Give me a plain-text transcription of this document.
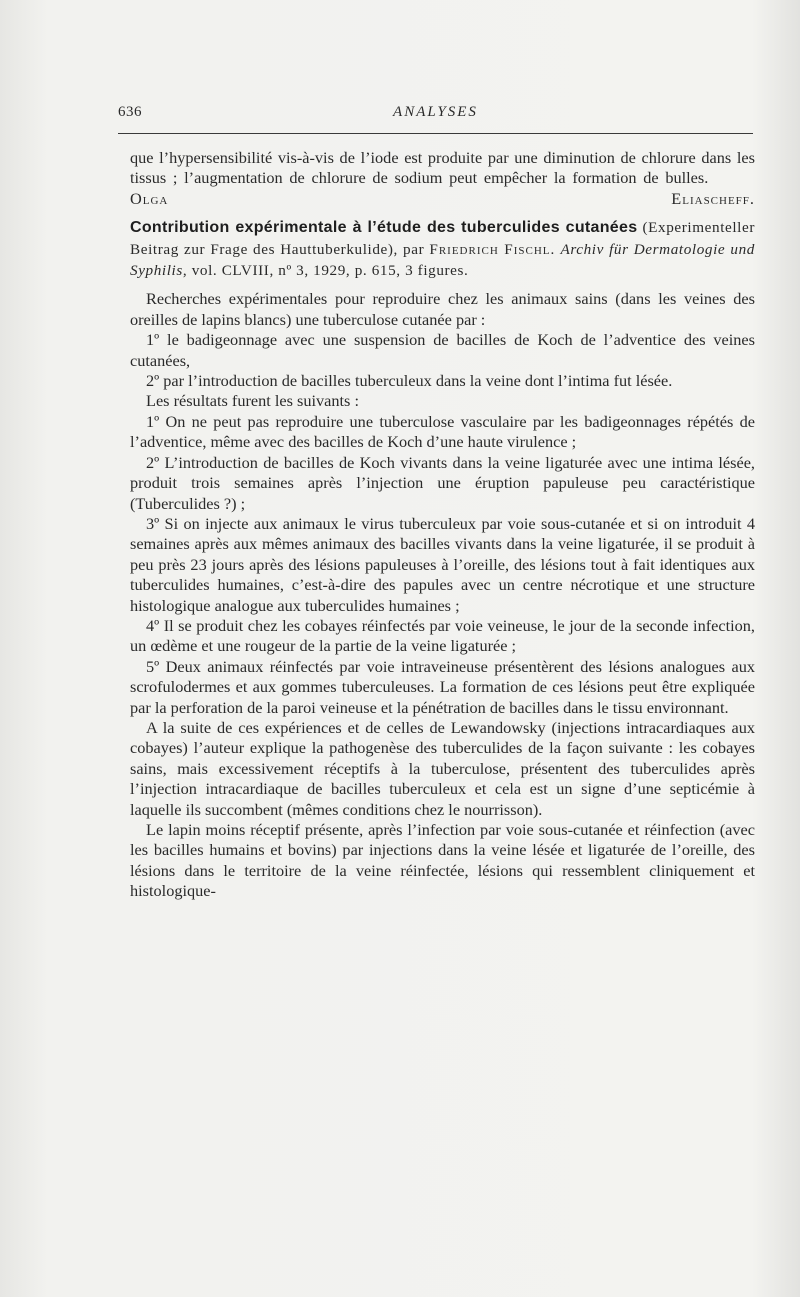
636	ANALYSES

que l’hypersensibilité vis-à-vis de l’iode est produite par une diminution de chlorure dans les tissus ; l’augmentation de chlorure de sodium peut empêcher la formation de bulles.  Olga Eliascheff.

Contribution expérimentale à l’étude des tuberculides cutanées (Experimenteller Beitrag zur Frage des Hauttuberkulide), par Friedrich Fischl. Archiv für Dermatologie und Syphilis, vol. CLVIII, nº 3, 1929, p. 615, 3 figures.

Recherches expérimentales pour reproduire chez les animaux sains (dans les veines des oreilles de lapins blancs) une tuberculose cutanée par :

1º le badigeonnage avec une suspension de bacilles de Koch de l’adventice des veines cutanées,

2º par l’introduction de bacilles tuberculeux dans la veine dont l’intima fut lésée.

Les résultats furent les suivants :

1º On ne peut pas reproduire une tuberculose vasculaire par les badigeonnages répétés de l’adventice, même avec des bacilles de Koch d’une haute virulence ;

2º L’introduction de bacilles de Koch vivants dans la veine ligaturée avec une intima lésée, produit trois semaines après l’injection une éruption papuleuse peu caractéristique (Tuberculides ?) ;

3º Si on injecte aux animaux le virus tuberculeux par voie sous-cutanée et si on introduit 4 semaines après aux mêmes animaux des bacilles vivants dans la veine ligaturée, il se produit à peu près 23 jours après des lésions papuleuses à l’oreille, des lésions tout à fait identiques aux tuberculides humaines, c’est-à-dire des papules avec un centre nécrotique et une structure histologique analogue aux tuberculides humaines ;

4º Il se produit chez les cobayes réinfectés par voie veineuse, le jour de la seconde infection, un œdème et une rougeur de la partie de la veine ligaturée ;

5º Deux animaux réinfectés par voie intraveineuse présentèrent des lésions analogues aux scrofulodermes et aux gommes tuberculeuses. La formation de ces lésions peut être expliquée par la perforation de la paroi veineuse et la pénétration de bacilles dans le tissu environnant.

A la suite de ces expériences et de celles de Lewandowsky (injections intracardiaques aux cobayes) l’auteur explique la pathogenèse des tuberculides de la façon suivante : les cobayes sains, mais excessivement réceptifs à la tuberculose, présentent des tuberculides après l’injection intracardiaque de bacilles tuberculeux et cela est un signe d’une septicémie à laquelle ils succombent (mêmes conditions chez le nourrisson).

Le lapin moins réceptif présente, après l’infection par voie sous-cutanée et réinfection (avec les bacilles humains et bovins) par injections dans la veine lésée et ligaturée de l’oreille, des lésions dans le territoire de la veine réinfectée, lésions qui ressemblent cliniquement et histologique-
